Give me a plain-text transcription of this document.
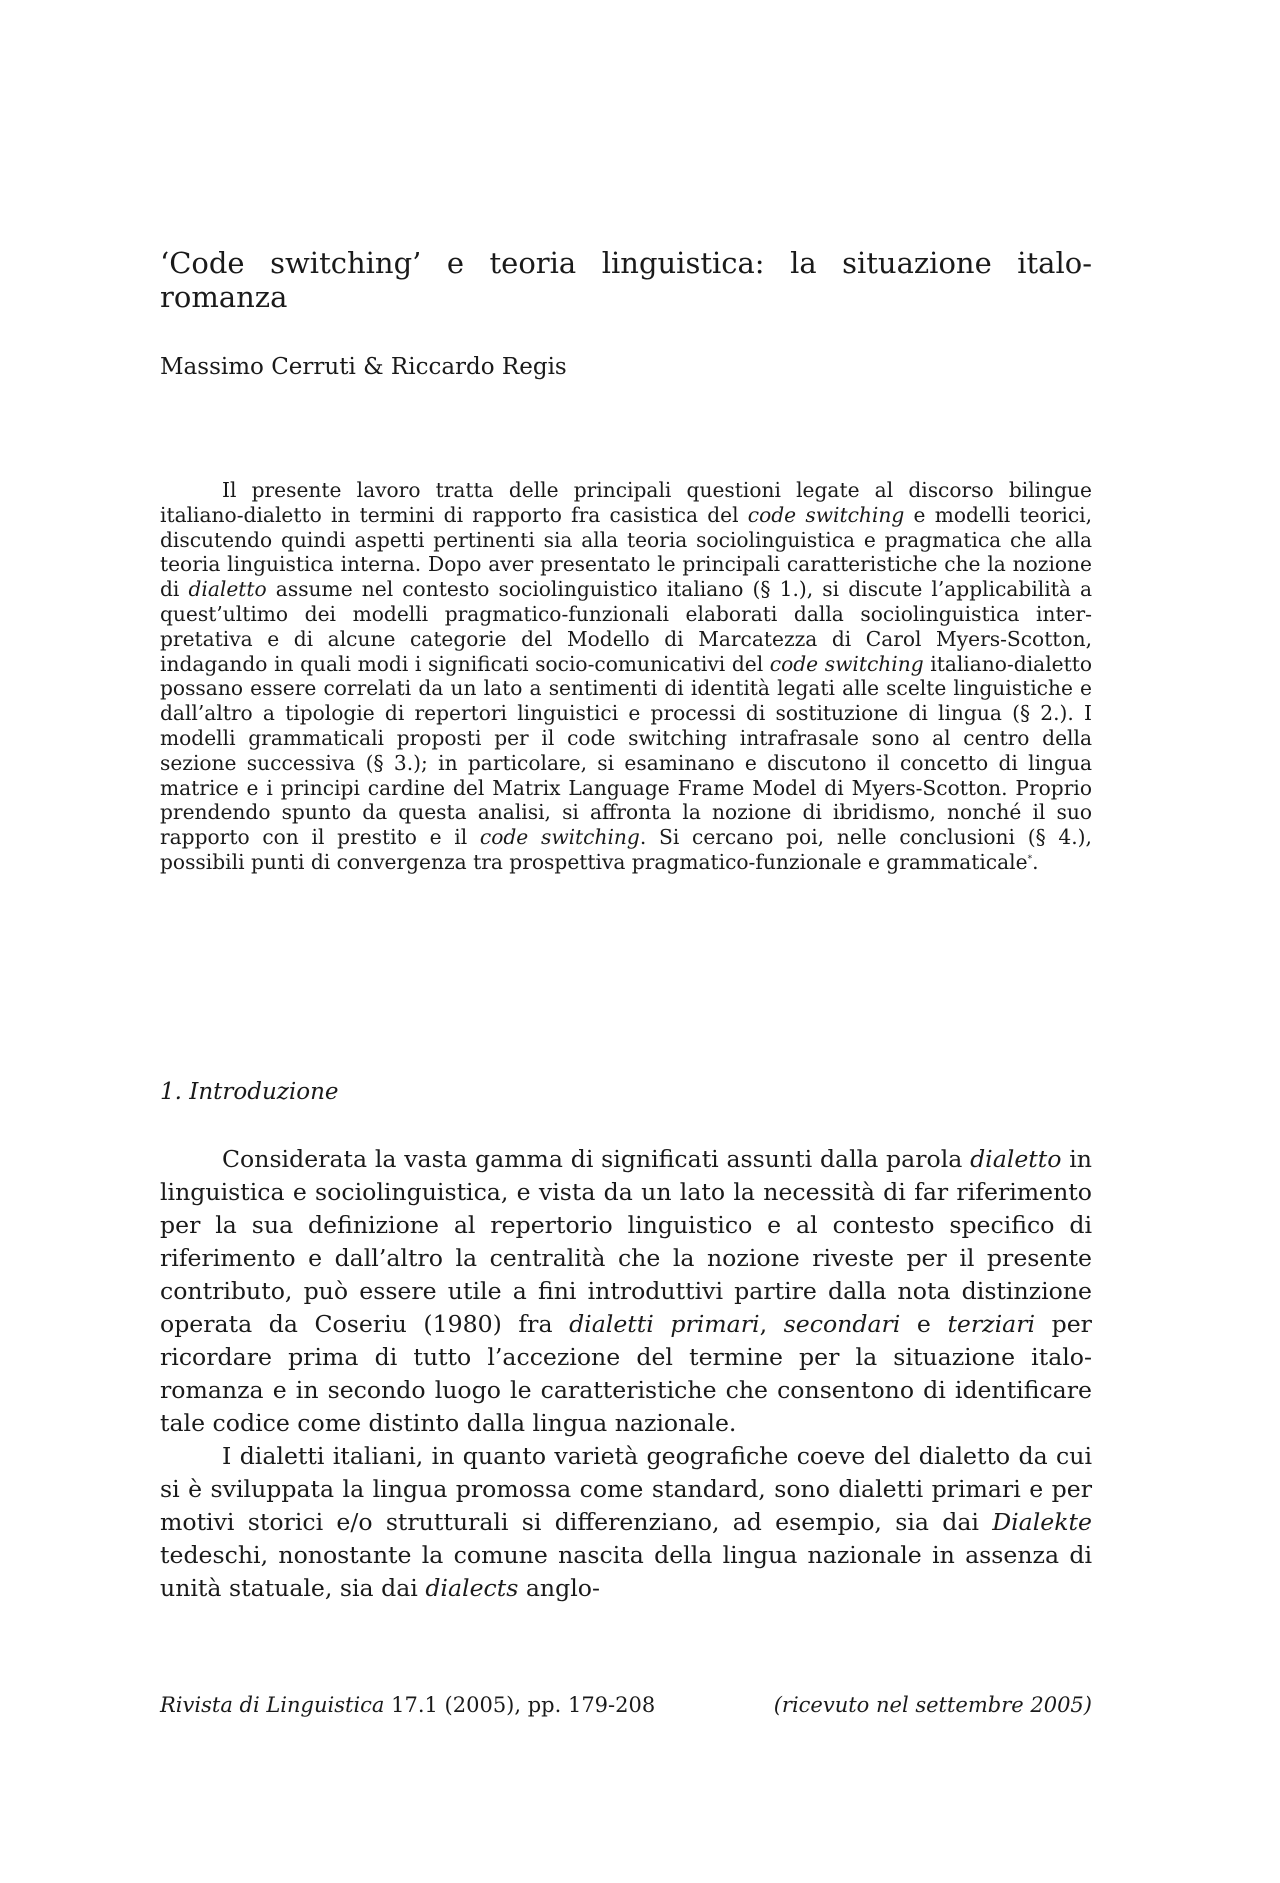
‘Code switching’ e teoria linguistica: la situazione italo-romanza

Massimo Cerruti & Riccardo Regis

Il presente lavoro tratta delle principali questioni legate al discorso bilingue italiano-dialetto in termini di rapporto fra casistica del code switching e modelli teorici, discutendo quindi aspetti pertinenti sia alla teoria sociolinguistica e pragmatica che alla teoria linguistica interna. Dopo aver presentato le principali caratteristiche che la nozione di dialetto assume nel contesto sociolinguistico italiano (§ 1.), si discute l’applicabilità a quest’ultimo dei modelli pragmatico-funzionali elaborati dalla sociolinguistica interpretativa e di alcune categorie del Modello di Marcatezza di Carol Myers-Scotton, indagando in quali modi i significati socio-comunicativi del code switching italiano-dialetto possano essere correlati da un lato a sentimenti di identità legati alle scelte linguistiche e dall’altro a tipologie di repertori linguistici e processi di sostituzione di lingua (§ 2.). I modelli grammaticali proposti per il code switching intrafrasale sono al centro della sezione successiva (§ 3.); in particolare, si esaminano e discutono il concetto di lingua matrice e i principi cardine del Matrix Language Frame Model di Myers-Scotton. Proprio prendendo spunto da questa analisi, si affronta la nozione di ibridismo, nonché il suo rapporto con il prestito e il code switching. Si cercano poi, nelle conclusioni (§ 4.), possibili punti di convergenza tra prospettiva pragmatico-funzionale e grammaticale*.

1. Introduzione

Considerata la vasta gamma di significati assunti dalla parola dialetto in linguistica e sociolinguistica, e vista da un lato la necessità di far riferimento per la sua definizione al repertorio linguistico e al contesto specifico di riferimento e dall’altro la centralità che la nozione riveste per il presente contributo, può essere utile a fini introduttivi partire dalla nota distinzione operata da Coseriu (1980) fra dialetti primari, secondari e terziari per ricordare prima di tutto l’accezione del termine per la situazione italo-romanza e in secondo luogo le caratteristiche che consentono di identificare tale codice come distinto dalla lingua nazionale.

I dialetti italiani, in quanto varietà geografiche coeve del dialetto da cui si è sviluppata la lingua promossa come standard, sono dialetti primari e per motivi storici e/o strutturali si differenziano, ad esempio, sia dai Dialekte tedeschi, nonostante la comune nascita della lingua nazionale in assenza di unità statuale, sia dai dialects anglo-

Rivista di Linguistica 17.1 (2005), pp. 179-208	(ricevuto nel settembre 2005)
